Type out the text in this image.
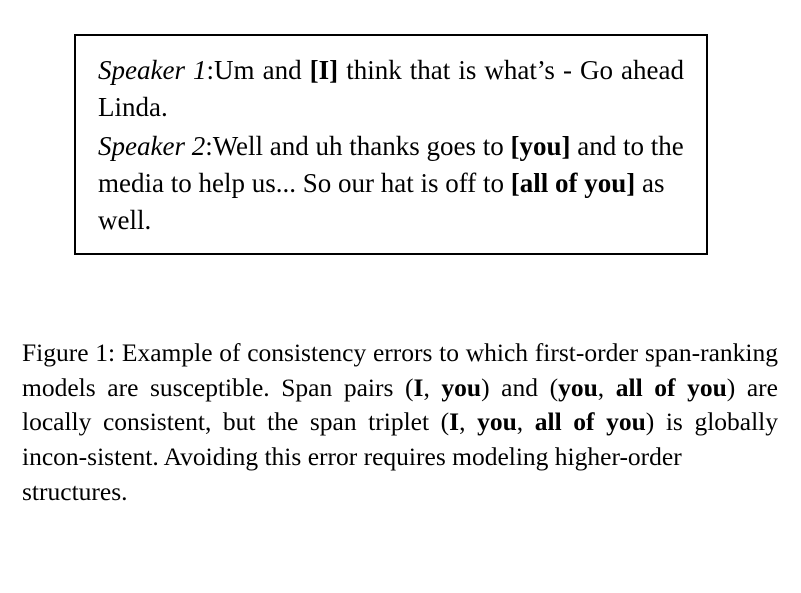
Speaker 1:Um and [I] think that is what’s - Go ahead Linda.

Speaker 2:Well and uh thanks goes to [you] and to the media to help us... So our hat is off to [all of you] as well.

Figure 1: Example of consistency errors to which first-order span-ranking models are susceptible. Span pairs (I, you) and (you, all of you) are locally consistent, but the span triplet (I, you, all of you) is globally incon-sistent. Avoiding this error requires modeling higher-order
structures.
